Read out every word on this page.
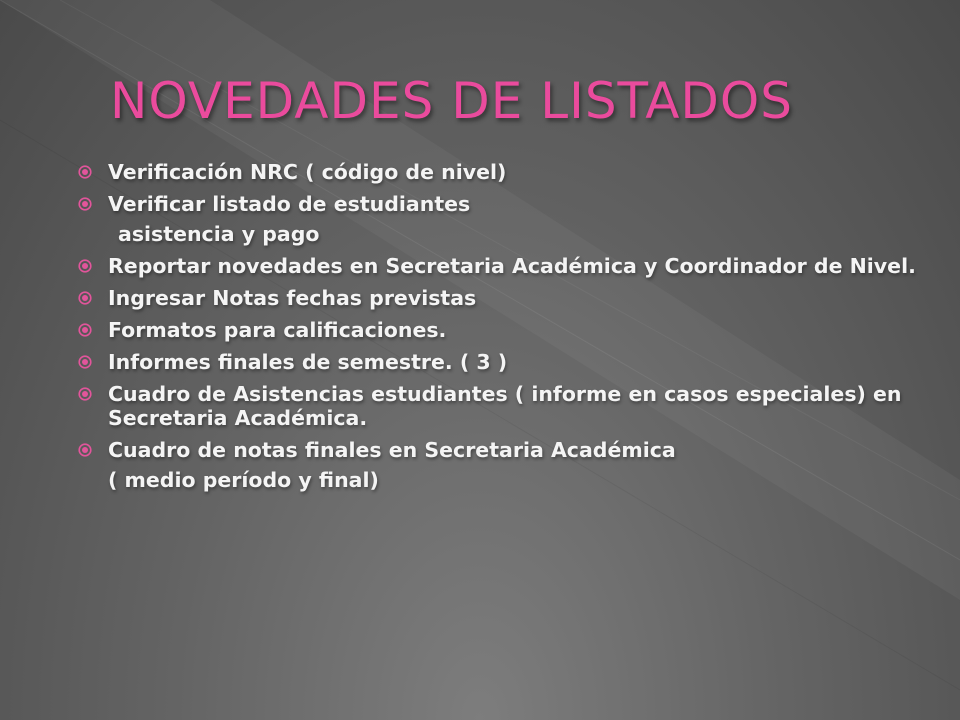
NOVEDADES DE LISTADOS
Verificación NRC ( código de nivel)
Verificar listado de estudiantes
asistencia y pago
Reportar novedades en Secretaria Académica y Coordinador de Nivel.
Ingresar Notas fechas previstas
Formatos para calificaciones.
Informes finales de semestre. ( 3 )
Cuadro de Asistencias estudiantes ( informe en casos especiales) en Secretaria Académica.
Cuadro de notas finales en Secretaria Académica
( medio período y final)
